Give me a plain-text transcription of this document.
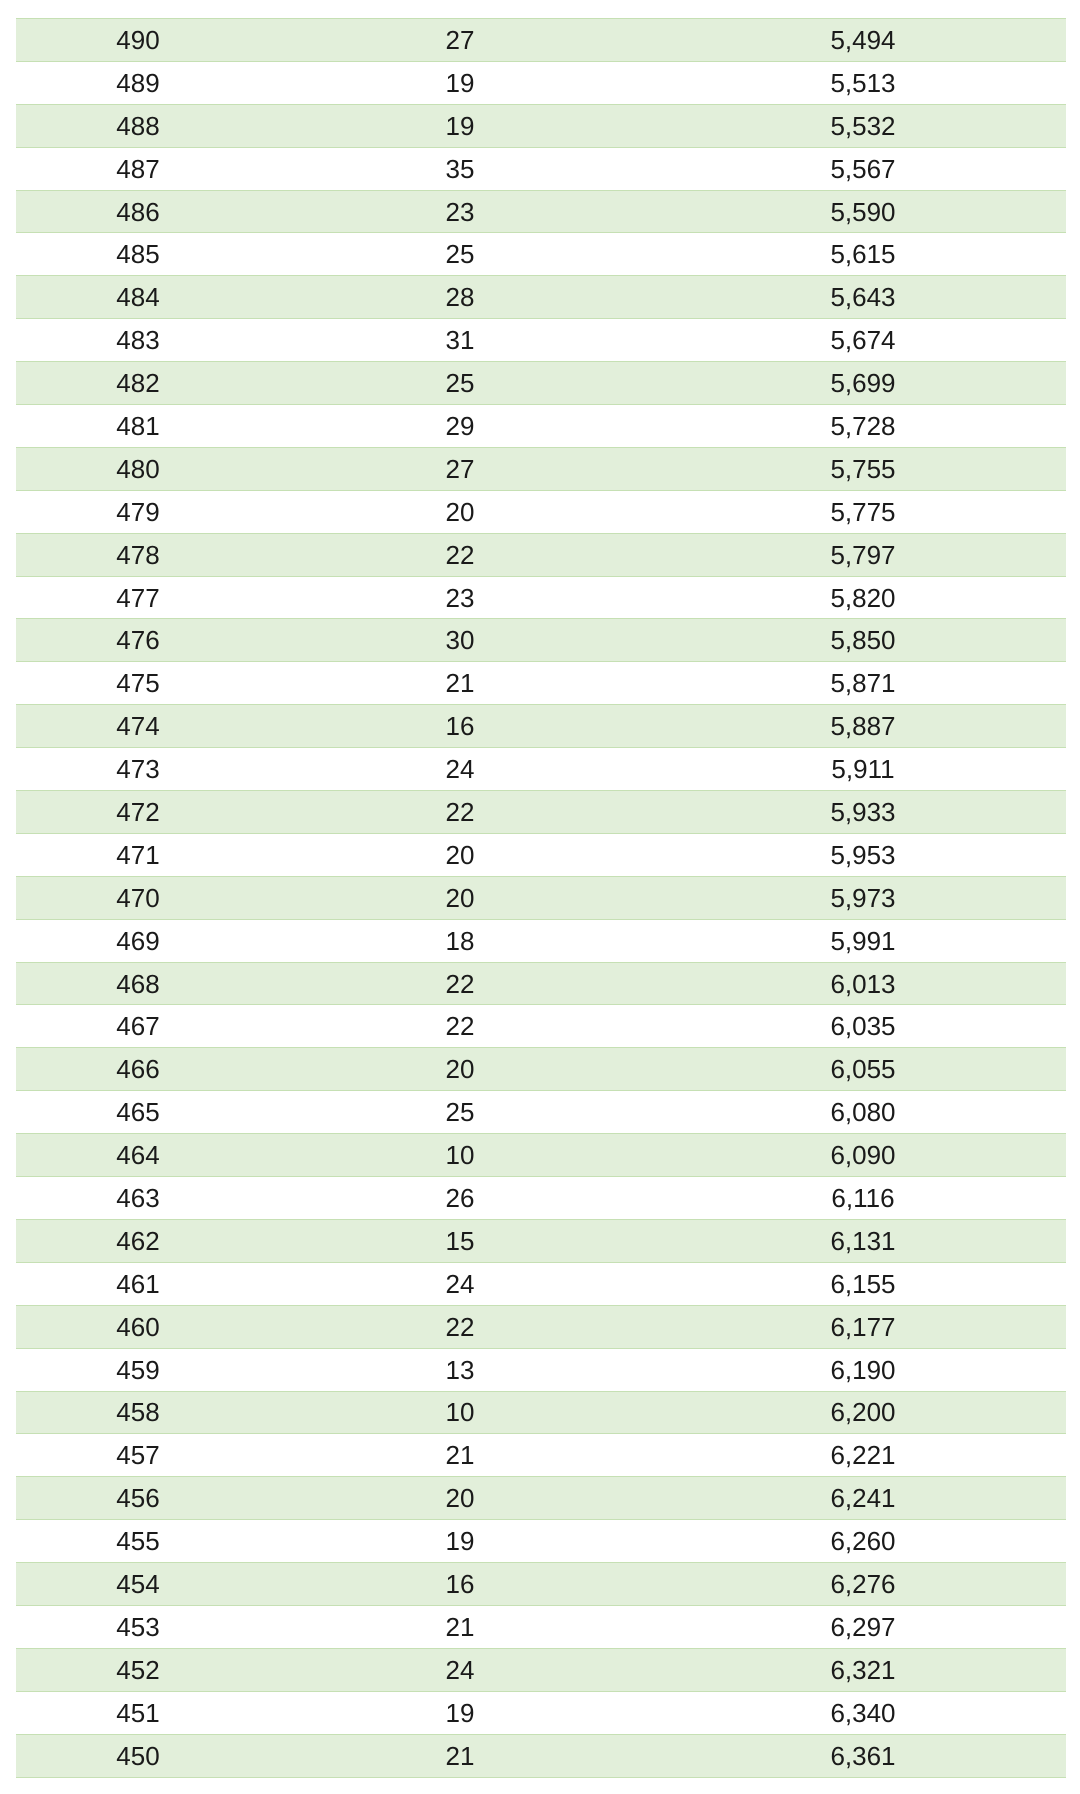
490	27	5,494
489	19	5,513
488	19	5,532
487	35	5,567
486	23	5,590
485	25	5,615
484	28	5,643
483	31	5,674
482	25	5,699
481	29	5,728
480	27	5,755
479	20	5,775
478	22	5,797
477	23	5,820
476	30	5,850
475	21	5,871
474	16	5,887
473	24	5,911
472	22	5,933
471	20	5,953
470	20	5,973
469	18	5,991
468	22	6,013
467	22	6,035
466	20	6,055
465	25	6,080
464	10	6,090
463	26	6,116
462	15	6,131
461	24	6,155
460	22	6,177
459	13	6,190
458	10	6,200
457	21	6,221
456	20	6,241
455	19	6,260
454	16	6,276
453	21	6,297
452	24	6,321
451	19	6,340
450	21	6,361
